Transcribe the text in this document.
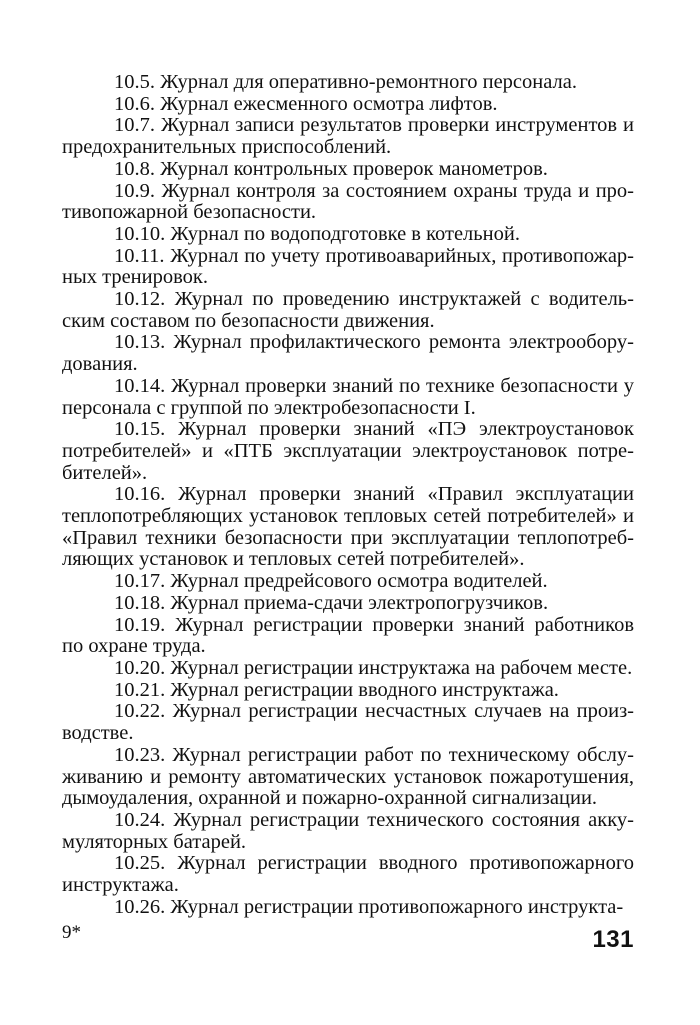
10.5. Журнал для оперативно-ремонтного персонала.

10.6. Журнал ежесменного осмотра лифтов.

10.7. Журнал записи результатов проверки инструментов и предохранительных приспособлений.

10.8. Журнал контрольных проверок манометров.

10.9. Журнал контроля за состоянием охраны труда и противопожарной безопасности.

10.10. Журнал по водоподготовке в котельной.

10.11. Журнал по учету противоаварийных, противопожарных тренировок.

10.12. Журнал по проведению инструктажей с водительским составом по безопасности движения.

10.13. Журнал профилактического ремонта электрооборудования.

10.14. Журнал проверки знаний по технике безопасности у персонала с группой по электробезопасности I.

10.15. Журнал проверки знаний «ПЭ электроустановок потребителей» и «ПТБ эксплуатации электроустановок потребителей».

10.16. Журнал проверки знаний «Правил эксплуатации теплопотребляющих установок тепловых сетей потребителей» и «Правил техники безопасности при эксплуатации теплопотребляющих установок и тепловых сетей потребителей».

10.17. Журнал предрейсового осмотра водителей.

10.18. Журнал приема-сдачи электропогрузчиков.

10.19. Журнал регистрации проверки знаний работников по охране труда.

10.20. Журнал регистрации инструктажа на рабочем месте.

10.21. Журнал регистрации вводного инструктажа.

10.22. Журнал регистрации несчастных случаев на производстве.

10.23. Журнал регистрации работ по техническому обслуживанию и ремонту автоматических установок пожаротушения, дымоудаления, охранной и пожарно-охранной сигнализации.

10.24. Журнал регистрации технического состояния аккумуляторных батарей.

10.25. Журнал регистрации вводного противопожарного инструктажа.

10.26. Журнал регистрации противопожарного инструкта-

9*	131
